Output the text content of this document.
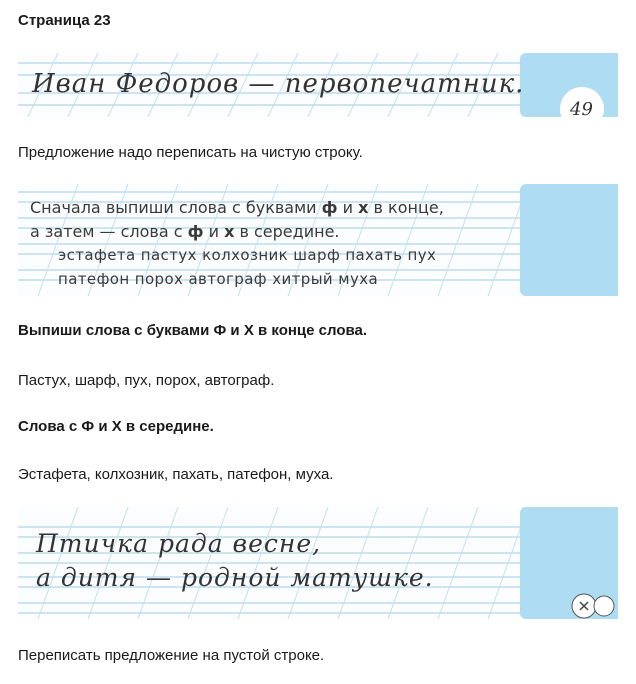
Страница 23
49
Иван Федоров — первопечатник.
Предложение надо переписать на чистую строку.
Сначала выпиши слова с буквами ф и х в конце,
а затем — слова с ф и х в середине.
эстафета пастух колхозник шарф пахать пух
патефон порох автограф хитрый муха
Выпиши слова с буквами Ф и Х в конце слова.
Пастух, шарф, пух, порох, автограф.
Слова с Ф и Х в середине.
Эстафета, колхозник, пахать, патефон, муха.
Птичка рада весне,
а дитя — родной матушке.
Переписать предложение на пустой строке.
